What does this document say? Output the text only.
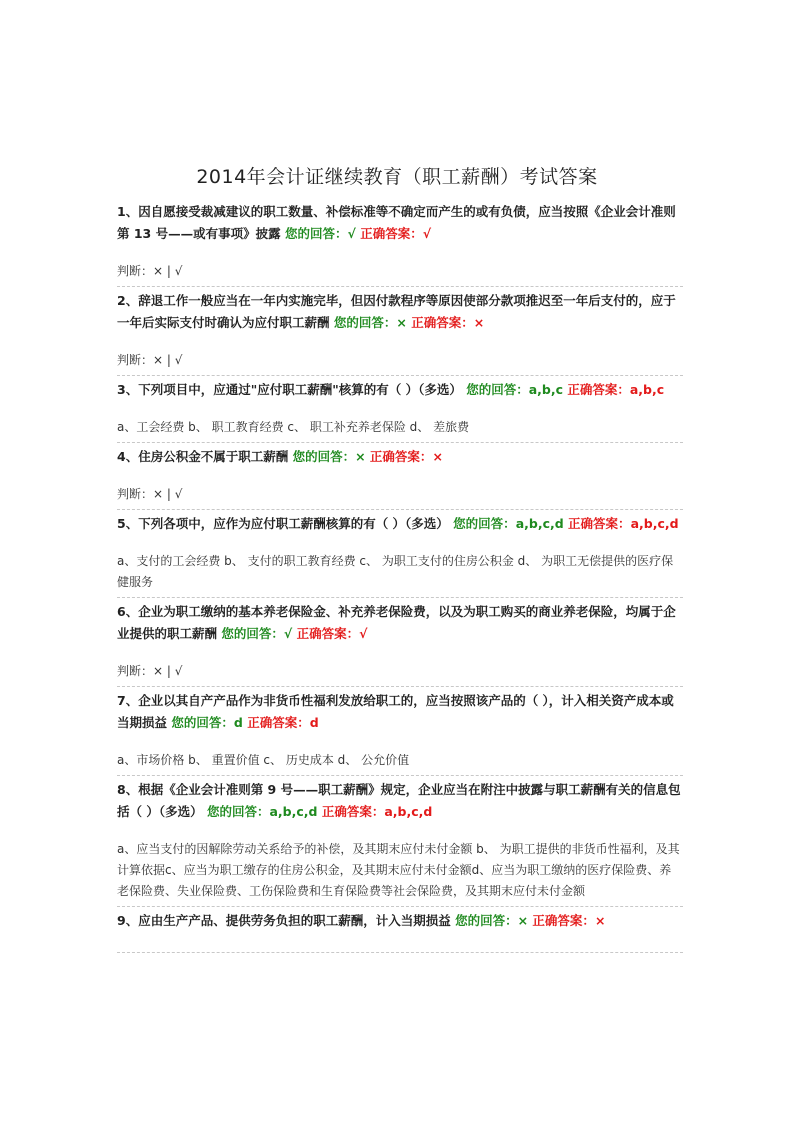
2014年会计证继续教育（职工薪酬）考试答案
1、因自愿接受裁减建议的职工数量、补偿标准等不确定而产生的或有负债，应当按照《企业会计准则第 13 号——或有事项》披露 您的回答：√ 正确答案：√
判断：× | √
2、辞退工作一般应当在一年内实施完毕，但因付款程序等原因使部分款项推迟至一年后支付的，应于一年后实际支付时确认为应付职工薪酬 您的回答：× 正确答案：×
判断：× | √
3、下列项目中，应通过"应付职工薪酬"核算的有（ ）（多选） 您的回答：a,b,c 正确答案：a,b,c
a、工会经费 b、 职工教育经费 c、 职工补充养老保险 d、 差旅费
4、住房公积金不属于职工薪酬 您的回答：× 正确答案：×
判断：× | √
5、下列各项中，应作为应付职工薪酬核算的有（ ）（多选） 您的回答：a,b,c,d 正确答案：a,b,c,d
a、支付的工会经费 b、 支付的职工教育经费 c、 为职工支付的住房公积金 d、 为职工无偿提供的医疗保健服务
6、企业为职工缴纳的基本养老保险金、补充养老保险费，以及为职工购买的商业养老保险，均属于企业提供的职工薪酬 您的回答：√ 正确答案：√
判断：× | √
7、企业以其自产产品作为非货币性福利发放给职工的，应当按照该产品的（ ），计入相关资产成本或当期损益 您的回答：d 正确答案：d
a、市场价格 b、 重置价值 c、 历史成本 d、 公允价值
8、根据《企业会计准则第 9 号——职工薪酬》规定，企业应当在附注中披露与职工薪酬有关的信息包括（ ）（多选） 您的回答：a,b,c,d 正确答案：a,b,c,d
a、应当支付的因解除劳动关系给予的补偿，及其期末应付未付金额 b、 为职工提供的非货币性福利，及其计算依据c、应当为职工缴存的住房公积金，及其期末应付未付金额d、应当为职工缴纳的医疗保险费、养老保险费、失业保险费、工伤保险费和生育保险费等社会保险费，及其期末应付未付金额
9、应由生产产品、提供劳务负担的职工薪酬，计入当期损益 您的回答：× 正确答案：×
